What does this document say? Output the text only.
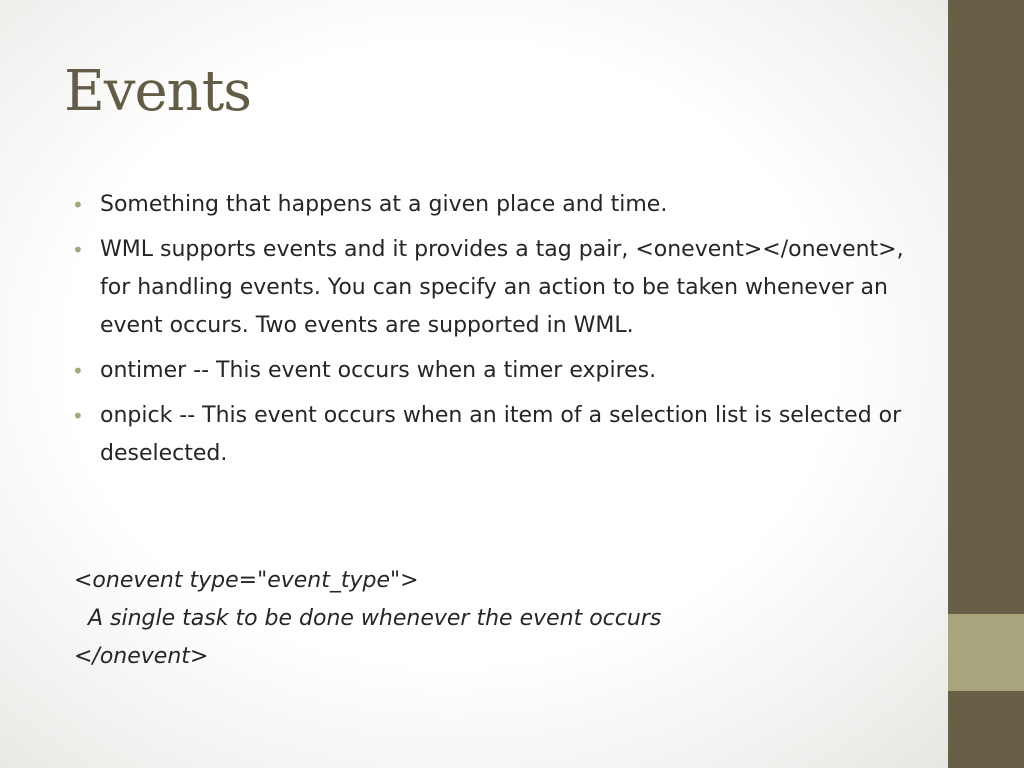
Events
• Something that happens at a given place and time.
• WML supports events and it provides a tag pair, <onevent></onevent>, for handling events. You can specify an action to be taken whenever an event occurs. Two events are supported in WML.
• ontimer -- This event occurs when a timer expires.
• onpick -- This event occurs when an item of a selection list is selected or deselected.
<onevent type="event_type">
A single task to be done whenever the event occurs
</onevent>
